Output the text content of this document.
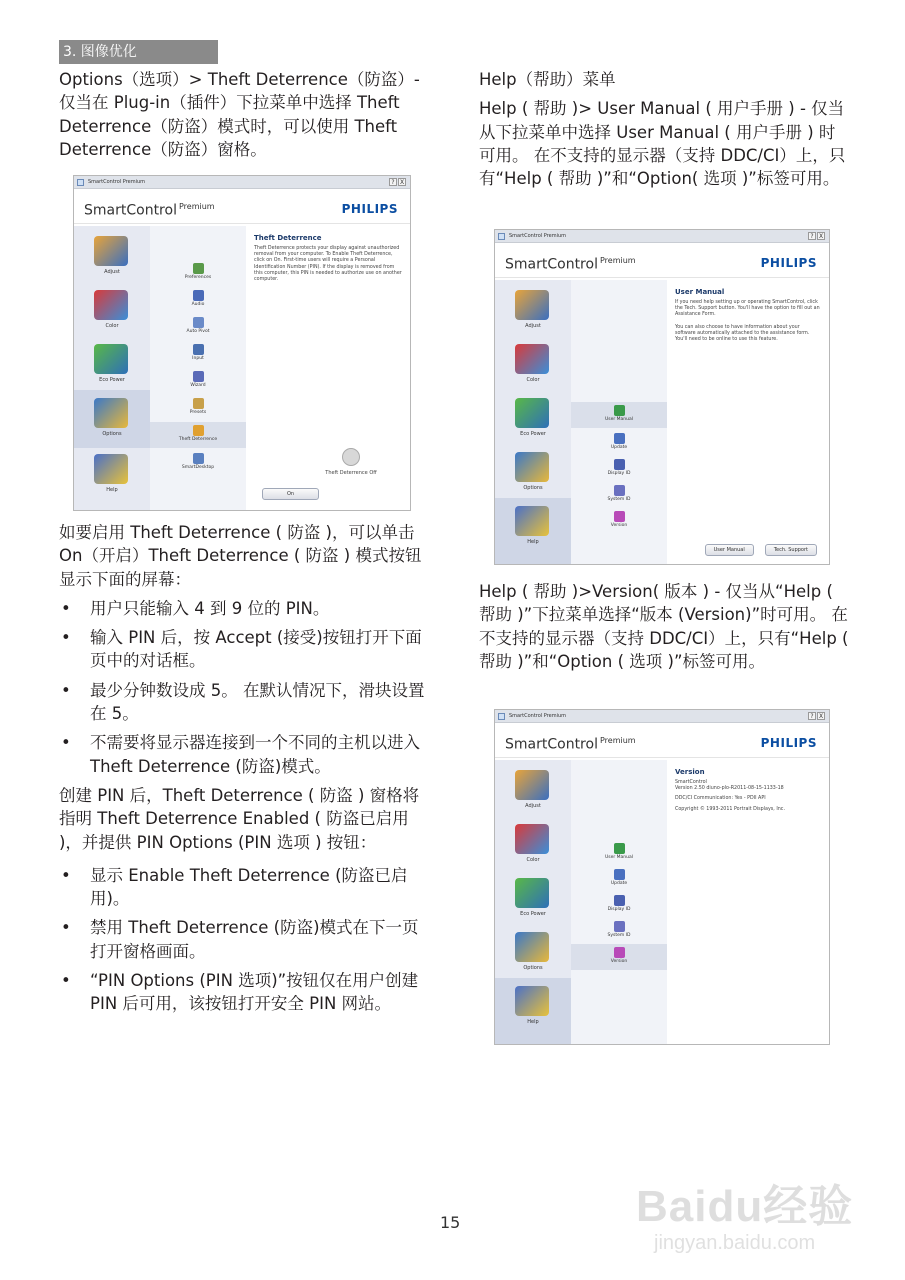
3. 图像优化

Options（选项）> Theft Deterrence（防盗）- 仅当在 Plug-in（插件）下拉菜单中选择 Theft Deterrence（防盗）模式时，可以使用 Theft Deterrence（防盗）窗格。

SmartControl Premium	? X
SmartControl $^{Premium}$	PHILIPS
Adjust
Color
Eco Power
Options
Help
Preferences
Audio
Auto Pivot
Input
Wizard
Presets
Theft Deterrence
SmartDesktop
Theft Deterrence
Theft Deterrence protects your display against unauthorized removal from your computer. To Enable Theft Deterrence, click on On. First-time users will require a Personal Identification Number (PIN). If the display is removed from this computer, this PIN is needed to authorize use on another computer.
Theft Deterrence Off
On

如要启用 Theft Deterrence ( 防盗 )，可以单击 On（开启）Theft Deterrence ( 防盗 ) 模式按钮显示下面的屏幕：

• 用户只能输入 4 到 9 位的 PIN。
• 输入 PIN 后，按 Accept (接受)按钮打开下面页中的对话框。
• 最少分钟数设成 5。 在默认情况下，滑块设置在 5。
• 不需要将显示器连接到一个不同的主机以进入Theft Deterrence (防盗)模式。

创建 PIN 后，Theft Deterrence ( 防盗 ) 窗格将指明 Theft Deterrence Enabled ( 防盗已启用 )，并提供 PIN Options (PIN 选项 ) 按钮：

• 显示 Enable Theft Deterrence (防盗已启用)。
• 禁用 Theft Deterrence (防盗)模式在下一页打开窗格画面。
• “PIN Options (PIN 选项)”按钮仅在用户创建 PIN 后可用，该按钮打开安全 PIN 网站。

Help（帮助）菜单

Help ( 帮助 )> User Manual ( 用户手册 ) - 仅当从下拉菜单中选择 User Manual ( 用户手册 ) 时可用。 在不支持的显示器（支持 DDC/CI）上，只有“Help ( 帮助 )”和“Option( 选项 )”标签可用。

SmartControl Premium	? X
SmartControl $^{Premium}$	PHILIPS
Adjust
Color
Eco Power
Options
Help
User Manual
Update
Display ID
System ID
Version
User Manual
If you need help setting up or operating SmartControl, click the Tech. Support button. You'll have the option to fill out an Assistance Form.
You can also choose to have information about your software automatically attached to the assistance form. You'll need to be online to use this feature.
User Manual	Tech. Support

Help ( 帮助 )>Version( 版本 ) - 仅当从“Help ( 帮助 )”下拉菜单选择“版本 (Version)”时可用。 在不支持的显示器（支持 DDC/CI）上，只有“Help ( 帮助 )”和“Option ( 选项 )”标签可用。

SmartControl Premium	? X
SmartControl $^{Premium}$	PHILIPS
Adjust
Color
Eco Power
Options
Help
User Manual
Update
Display ID
System ID
Version
Version
SmartControl
Version 2.50 diuno-plo-R2011-08-15-1133-18
DDC/CI Communication: Yes - PDII API
Copyright © 1993-2011 Portrait Displays, Inc.
15	Baidu经验
jingyan.baidu.com
